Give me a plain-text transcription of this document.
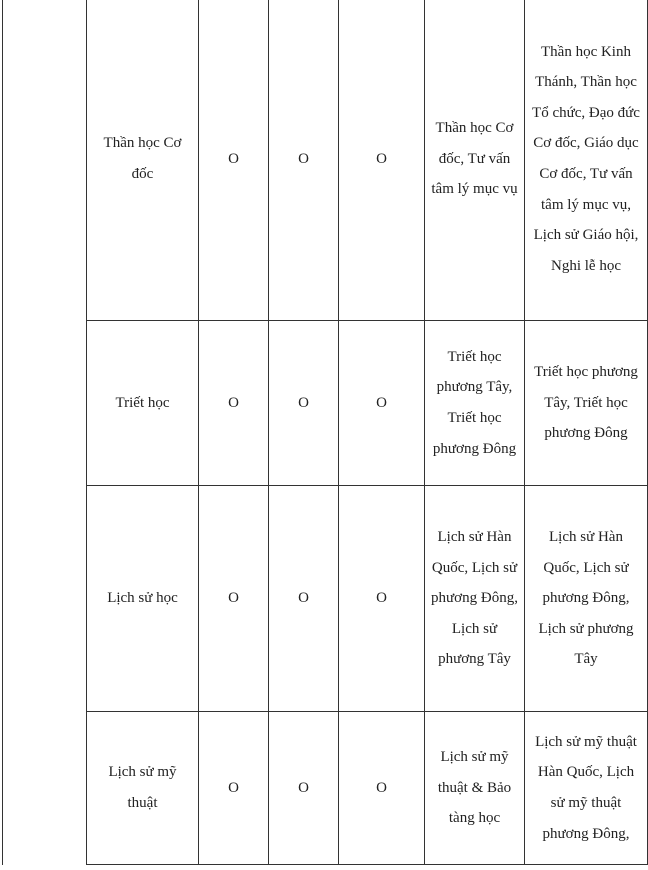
	Thần học Cơ đốc	O	O	O	Thần học Cơ đốc, Tư vấn tâm lý mục vụ	Thần học Kinh Thánh, Thần học Tổ chức, Đạo đức Cơ đốc, Giáo dục Cơ đốc, Tư vấn tâm lý mục vụ, Lịch sử Giáo hội, Nghi lễ học
	Triết học	O	O	O	Triết học phương Tây, Triết học phương Đông	Triết học phương Tây, Triết học phương Đông
	Lịch sử học	O	O	O	Lịch sử Hàn Quốc, Lịch sử phương Đông, Lịch sử phương Tây	Lịch sử Hàn Quốc, Lịch sử phương Đông, Lịch sử phương Tây
	Lịch sử mỹ thuật	O	O	O	Lịch sử mỹ thuật & Bảo tàng học	Lịch sử mỹ thuật Hàn Quốc, Lịch sử mỹ thuật phương Đông,
